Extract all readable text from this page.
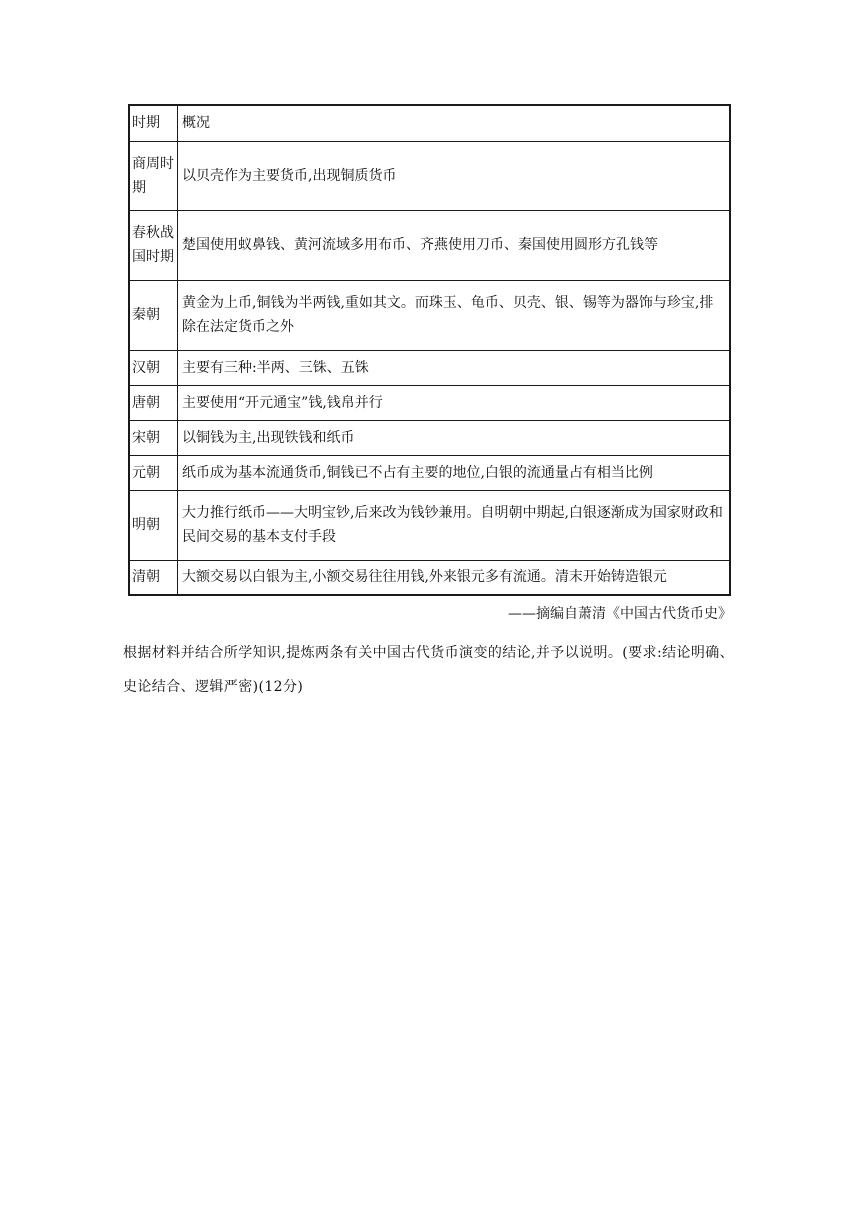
时期	概况
商周时期	以贝壳作为主要货币,出现铜质货币
春秋战国时期	楚国使用蚁鼻钱、黄河流域多用布币、齐燕使用刀币、秦国使用圆形方孔钱等
秦朝	黄金为上币,铜钱为半两钱,重如其文。而珠玉、龟币、贝壳、银、锡等为器饰与珍宝,排除在法定货币之外
汉朝	主要有三种:半两、三铢、五铢
唐朝	主要使用“开元通宝”钱,钱帛并行
宋朝	以铜钱为主,出现铁钱和纸币
元朝	纸币成为基本流通货币,铜钱已不占有主要的地位,白银的流通量占有相当比例
明朝	大力推行纸币——大明宝钞,后来改为钱钞兼用。自明朝中期起,白银逐渐成为国家财政和民间交易的基本支付手段
清朝	大额交易以白银为主,小额交易往往用钱,外来银元多有流通。清末开始铸造银元
——摘编自萧清《中国古代货币史》
根据材料并结合所学知识,提炼两条有关中国古代货币演变的结论,并予以说明。(要求:结论明确、史论结合、逻辑严密)(12分)
